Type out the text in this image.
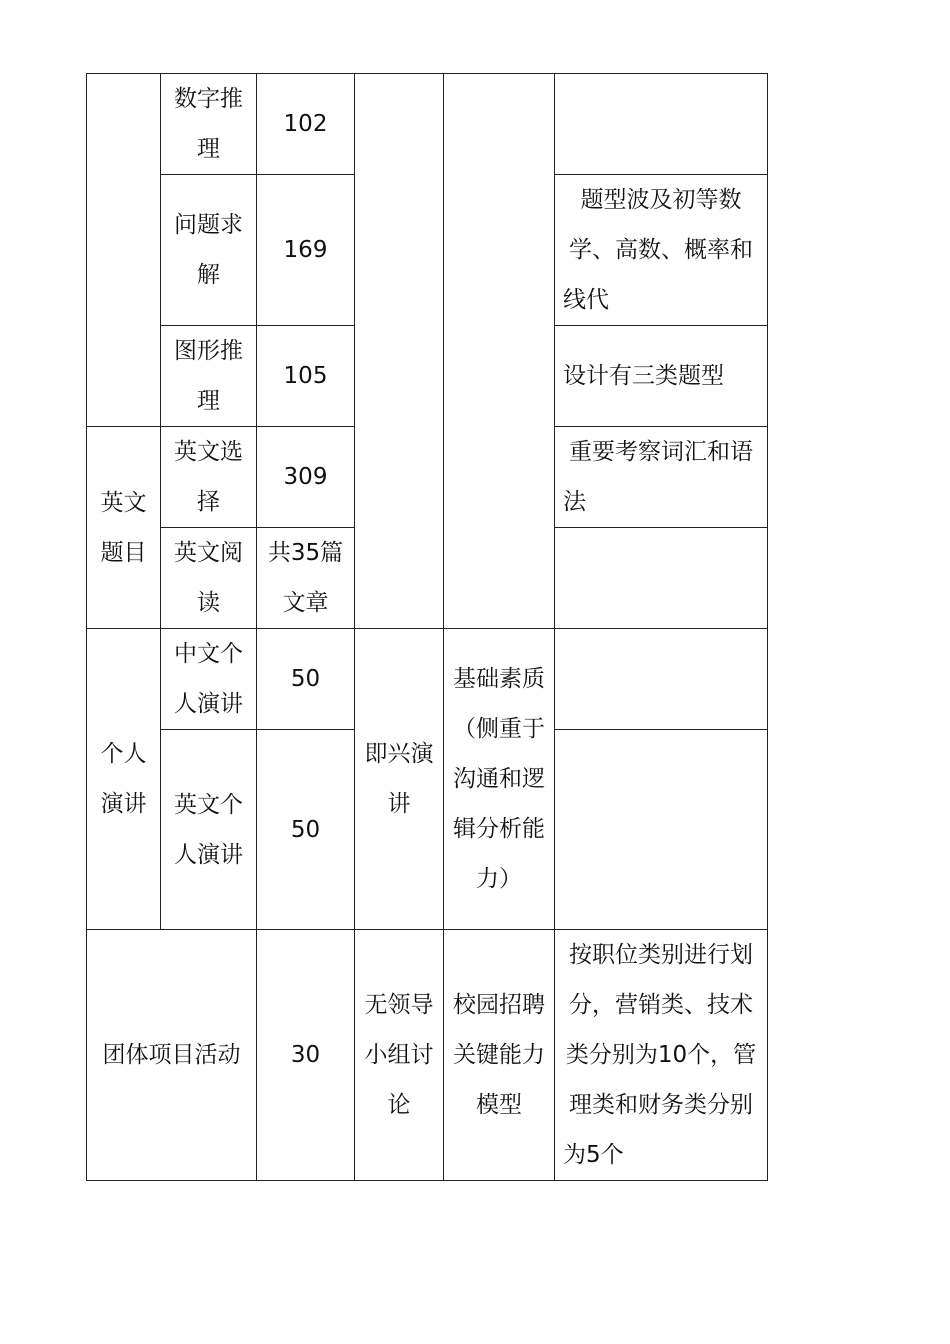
	数字推理	102			
	问题求解	169			题型波及初等数学、高数、概率和线代
	图形推理	105			设计有三类题型
英文题目	英文选择	309			重要考察词汇和语法
	英文阅读	共35篇文章			
个人演讲	中文个人演讲	50	即兴演讲	基础素质（侧重于沟通和逻辑分析能力）	
	英文个人演讲	50			
团体项目活动		30	无领导小组讨论	校园招聘关键能力模型	按职位类别进行划分，营销类、技术类分别为10个，管理类和财务类分别为5个
